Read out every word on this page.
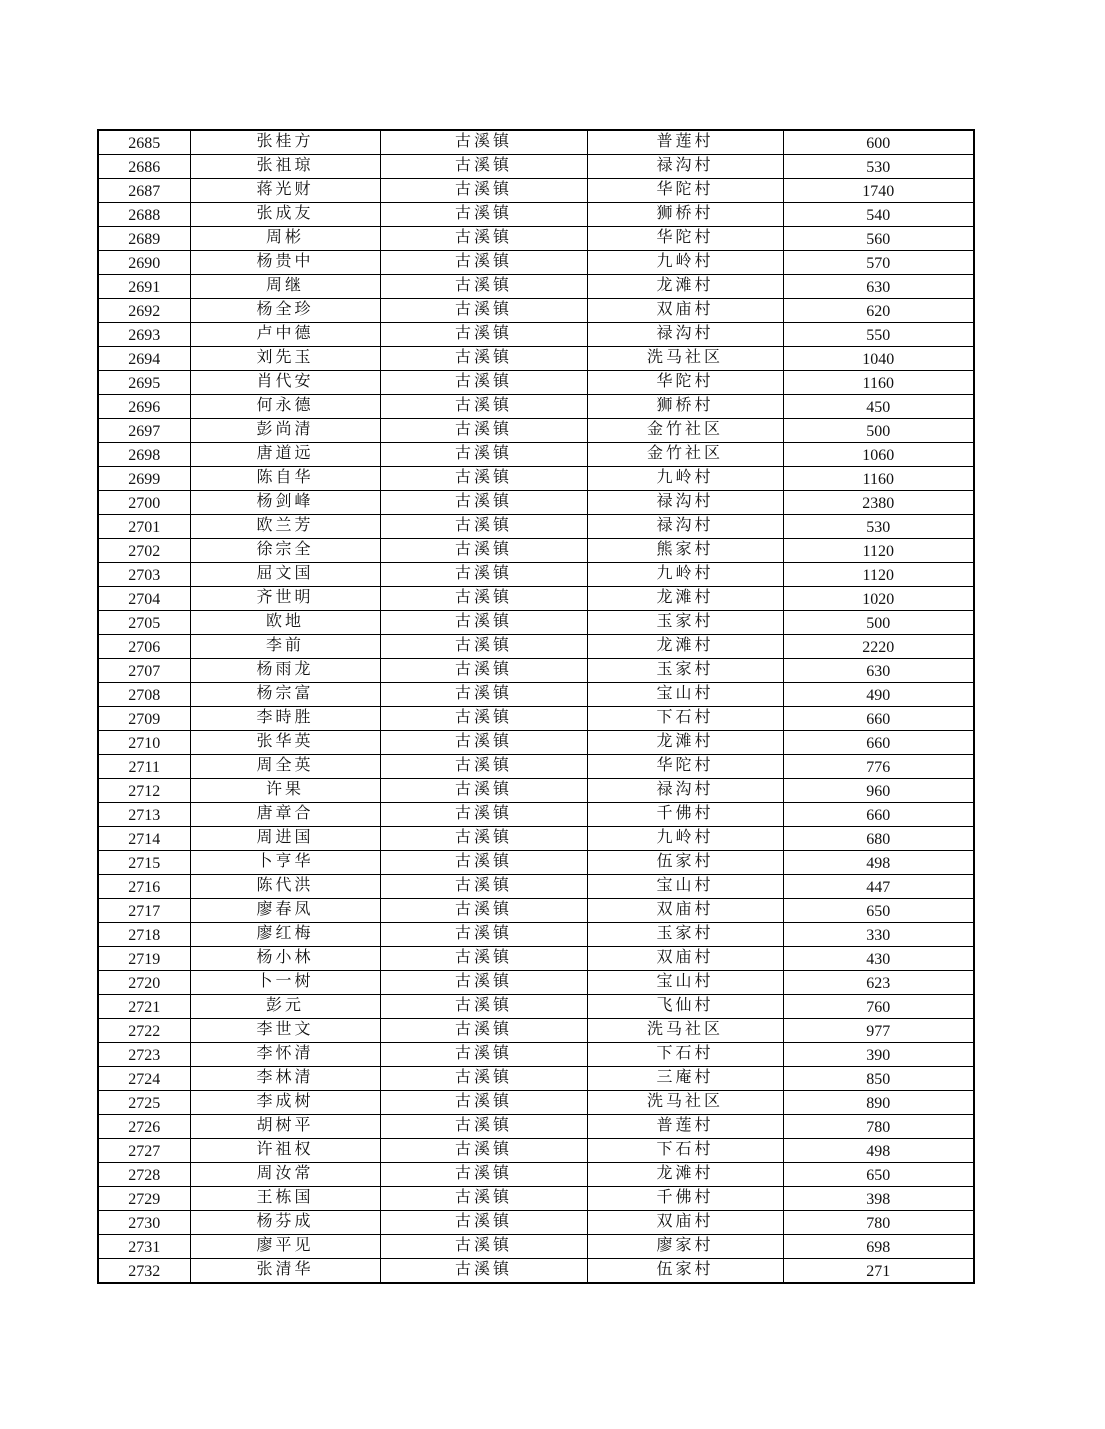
2685	张桂方	古溪镇	普莲村	600
2686	张祖琼	古溪镇	禄沟村	530
2687	蒋光财	古溪镇	华陀村	1740
2688	张成友	古溪镇	狮桥村	540
2689	周彬	古溪镇	华陀村	560
2690	杨贵中	古溪镇	九岭村	570
2691	周继	古溪镇	龙滩村	630
2692	杨全珍	古溪镇	双庙村	620
2693	卢中德	古溪镇	禄沟村	550
2694	刘先玉	古溪镇	洗马社区	1040
2695	肖代安	古溪镇	华陀村	1160
2696	何永德	古溪镇	狮桥村	450
2697	彭尚清	古溪镇	金竹社区	500
2698	唐道远	古溪镇	金竹社区	1060
2699	陈自华	古溪镇	九岭村	1160
2700	杨剑峰	古溪镇	禄沟村	2380
2701	欧兰芳	古溪镇	禄沟村	530
2702	徐宗全	古溪镇	熊家村	1120
2703	屈文国	古溪镇	九岭村	1120
2704	齐世明	古溪镇	龙滩村	1020
2705	欧地	古溪镇	玉家村	500
2706	李前	古溪镇	龙滩村	2220
2707	杨雨龙	古溪镇	玉家村	630
2708	杨宗富	古溪镇	宝山村	490
2709	李時胜	古溪镇	下石村	660
2710	张华英	古溪镇	龙滩村	660
2711	周全英	古溪镇	华陀村	776
2712	许果	古溪镇	禄沟村	960
2713	唐章合	古溪镇	千佛村	660
2714	周进国	古溪镇	九岭村	680
2715	卜亨华	古溪镇	伍家村	498
2716	陈代洪	古溪镇	宝山村	447
2717	廖春凤	古溪镇	双庙村	650
2718	廖红梅	古溪镇	玉家村	330
2719	杨小林	古溪镇	双庙村	430
2720	卜一树	古溪镇	宝山村	623
2721	彭元	古溪镇	飞仙村	760
2722	李世文	古溪镇	洗马社区	977
2723	李怀清	古溪镇	下石村	390
2724	李林清	古溪镇	三庵村	850
2725	李成树	古溪镇	洗马社区	890
2726	胡树平	古溪镇	普莲村	780
2727	许祖权	古溪镇	下石村	498
2728	周汝常	古溪镇	龙滩村	650
2729	王栋国	古溪镇	千佛村	398
2730	杨芬成	古溪镇	双庙村	780
2731	廖平见	古溪镇	廖家村	698
2732	张清华	古溪镇	伍家村	271
